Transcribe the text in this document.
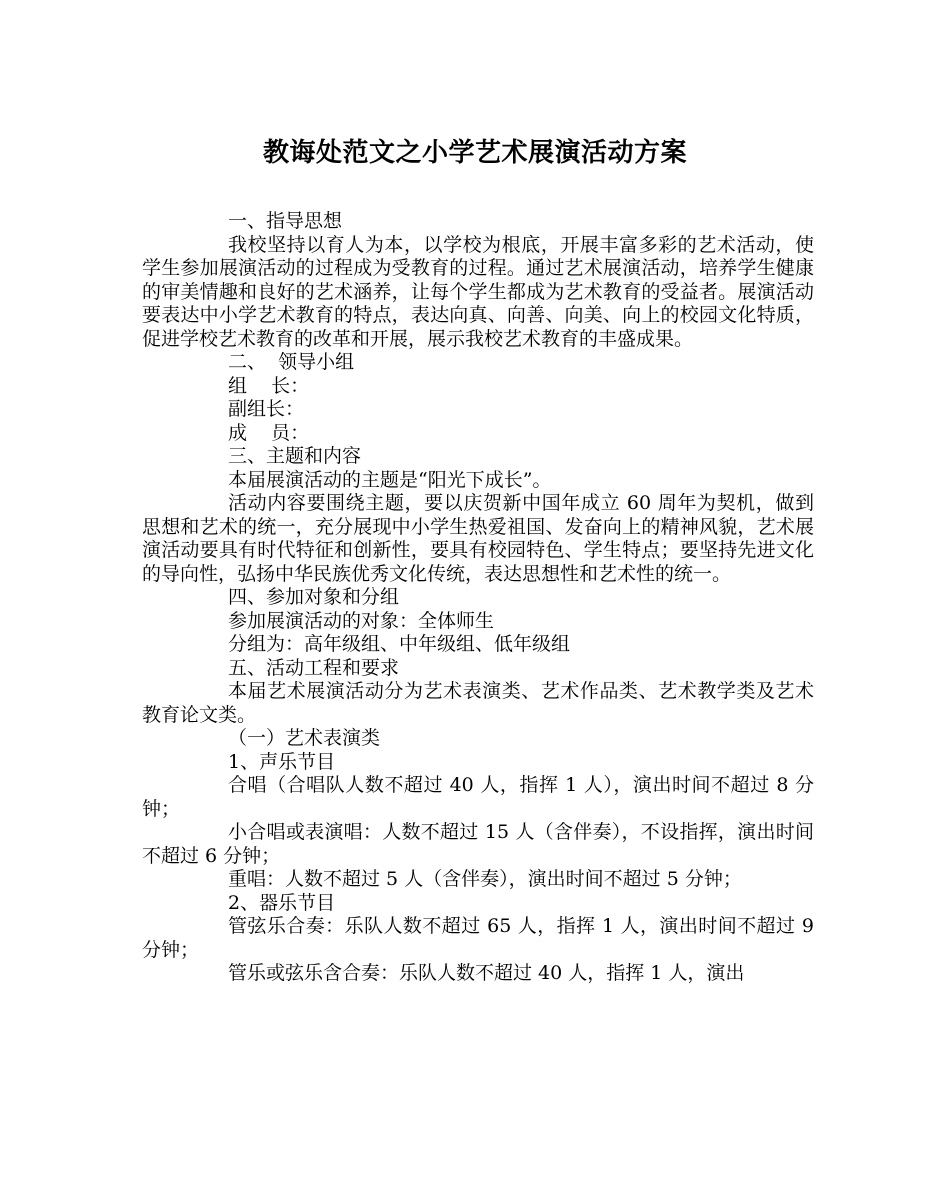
教诲处范文之小学艺术展演活动方案

一、指导思想

我校坚持以育人为本，以学校为根底，开展丰富多彩的艺术活动，使学生参加展演活动的过程成为受教育的过程。通过艺术展演活动，培养学生健康的审美情趣和良好的艺术涵养，让每个学生都成为艺术教育的受益者。展演活动要表达中小学艺术教育的特点，表达向真、向善、向美、向上的校园文化特质，促进学校艺术教育的改革和开展，展示我校艺术教育的丰盛成果。

二、  领导小组

组    长：

副组长：

成    员：

三、主题和内容

本届展演活动的主题是“阳光下成长”。

活动内容要围绕主题，要以庆贺新中国年成立 60 周年为契机，做到思想和艺术的统一，充分展现中小学生热爱祖国、发奋向上的精神风貌，艺术展演活动要具有时代特征和创新性，要具有校园特色、学生特点；要坚持先进文化的导向性，弘扬中华民族优秀文化传统，表达思想性和艺术性的统一。

四、参加对象和分组

参加展演活动的对象：全体师生

分组为：高年级组、中年级组、低年级组

五、活动工程和要求

本届艺术展演活动分为艺术表演类、艺术作品类、艺术教学类及艺术教育论文类。

（一）艺术表演类

1、声乐节目

合唱（合唱队人数不超过 40 人，指挥 1 人），演出时间不超过 8 分钟；

小合唱或表演唱：人数不超过 15 人（含伴奏），不设指挥，演出时间不超过 6 分钟；

重唱：人数不超过 5 人（含伴奏），演出时间不超过 5 分钟；

2、器乐节目

管弦乐合奏：乐队人数不超过 65 人，指挥 1 人，演出时间不超过 9 分钟；

管乐或弦乐含合奏：乐队人数不超过 40 人，指挥 1 人，演出
